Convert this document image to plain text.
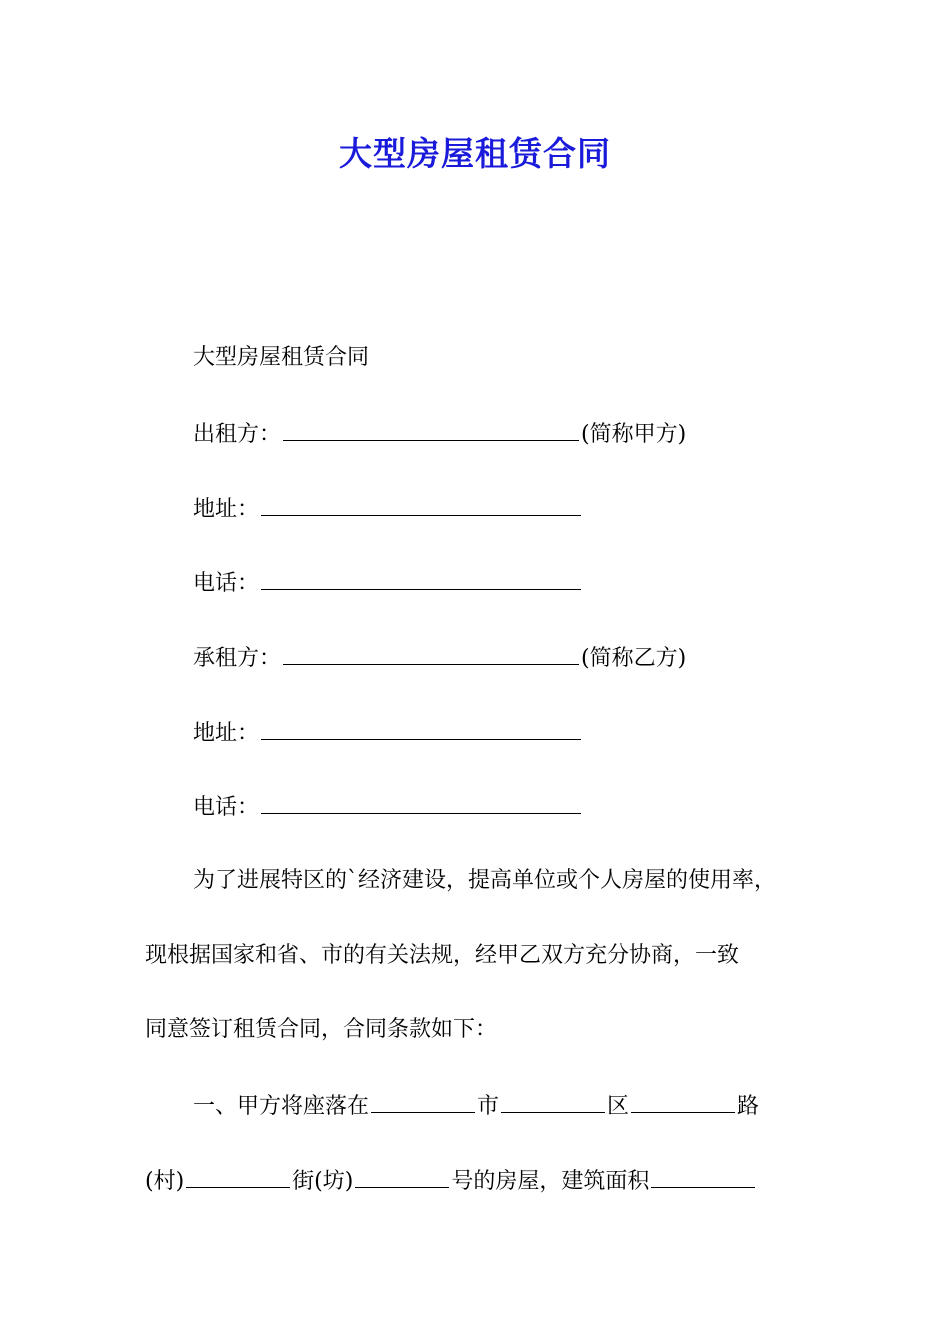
大型房屋租赁合同
大型房屋租赁合同
出租方：	(简称甲方)
地址：
电话：
承租方：	(简称乙方)
地址：
电话：
为了进展特区的`经济建设，提高单位或个人房屋的使用率，
现根据国家和省、市的有关法规，经甲乙双方充分协商，一致
同意签订租赁合同，合同条款如下：
一、甲方将座落在	市	区	路
(村)	街(坊)	号的房屋，建筑面积
